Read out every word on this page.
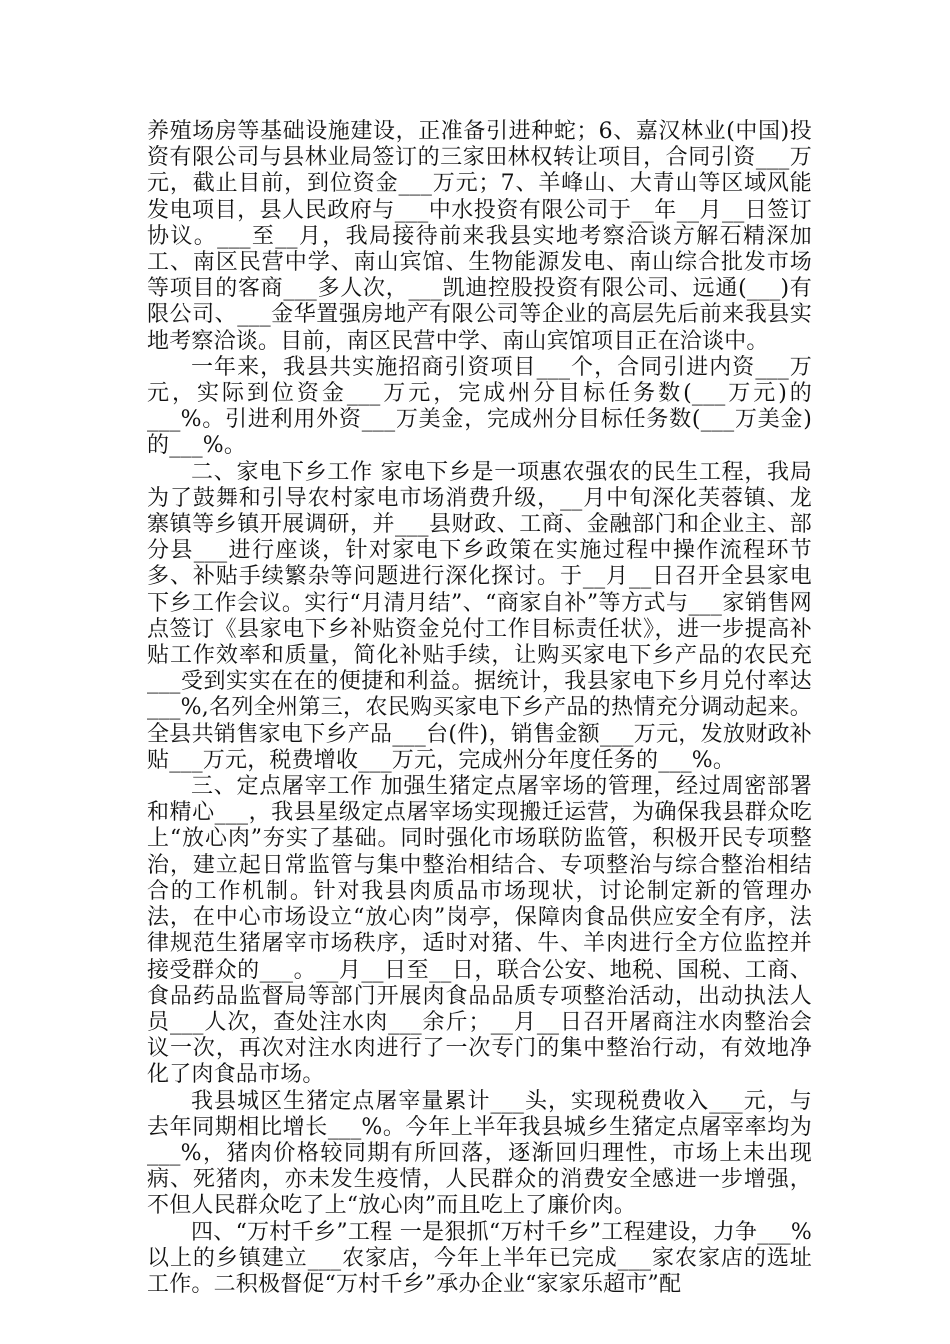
养殖场房等基础设施建设，正准备引进种蛇；6、嘉汉林业(中国)投资有限公司与县林业局签订的三家田林权转让项目，合同引资___万元，截止目前，到位资金___万元；7、羊峰山、大青山等区域风能发电项目，县人民政府与___中水投资有限公司于__年__月__日签订协议。___至__月，我局接待前来我县实地考察洽谈方解石精深加工、南区民营中学、南山宾馆、生物能源发电、南山综合批发市场等项目的客商___多人次，___凯迪控股投资有限公司、远通(___)有限公司、___金华置强房地产有限公司等企业的高层先后前来我县实地考察洽谈。目前，南区民营中学、南山宾馆项目正在洽谈中。

一年来，我县共实施招商引资项目___个，合同引进内资___万元，实际到位资金___万元，完成州分目标任务数(___万元)的___%。引进利用外资___万美金，完成州分目标任务数(___万美金)的___%。

二、家电下乡工作 家电下乡是一项惠农强农的民生工程，我局为了鼓舞和引导农村家电市场消费升级，__月中旬深化芙蓉镇、龙寨镇等乡镇开展调研，并___县财政、工商、金融部门和企业主、部分县___进行座谈，针对家电下乡政策在实施过程中操作流程环节多、补贴手续繁杂等问题进行深化探讨。于__月__日召开全县家电下乡工作会议。实行“月清月结”、“商家自补”等方式与___家销售网点签订《县家电下乡补贴资金兑付工作目标责任状》，进一步提高补贴工作效率和质量，简化补贴手续，让购买家电下乡产品的农民充___受到实实在在的便捷和利益。据统计，我县家电下乡月兑付率达___%,名列全州第三，农民购买家电下乡产品的热情充分调动起来。全县共销售家电下乡产品___台(件)，销售金额___万元，发放财政补贴___万元，税费增收___万元，完成州分年度任务的___%。

三、定点屠宰工作 加强生猪定点屠宰场的管理，经过周密部署和精心___，我县星级定点屠宰场实现搬迁运营，为确保我县群众吃上“放心肉”夯实了基础。同时强化市场联防监管，积极开民专项整治，建立起日常监管与集中整治相结合、专项整治与综合整治相结合的工作机制。针对我县肉质品市场现状，讨论制定新的管理办法，在中心市场设立“放心肉”岗亭，保障肉食品供应安全有序，法律规范生猪屠宰市场秩序，适时对猪、牛、羊肉进行全方位监控并接受群众的___。__月__日至__日，联合公安、地税、国税、工商、食品药品监督局等部门开展肉食品品质专项整治活动，出动执法人员___人次，查处注水肉___余斤；__月__日召开屠商注水肉整治会议一次，再次对注水肉进行了一次专门的集中整治行动，有效地净化了肉食品市场。

我县城区生猪定点屠宰量累计___头，实现税费收入___元，与去年同期相比增长___%。今年上半年我县城乡生猪定点屠宰率均为___%，猪肉价格较同期有所回落，逐渐回归理性，市场上未出现病、死猪肉，亦未发生疫情，人民群众的消费安全感进一步增强，不但人民群众吃了上“放心肉”而且吃上了廉价肉。

四、“万村千乡”工程 一是狠抓“万村千乡”工程建设，力争___%以上的乡镇建立___农家店，今年上半年已完成___家农家店的选址工作。二积极督促“万村千乡”承办企业“家家乐超市”配
